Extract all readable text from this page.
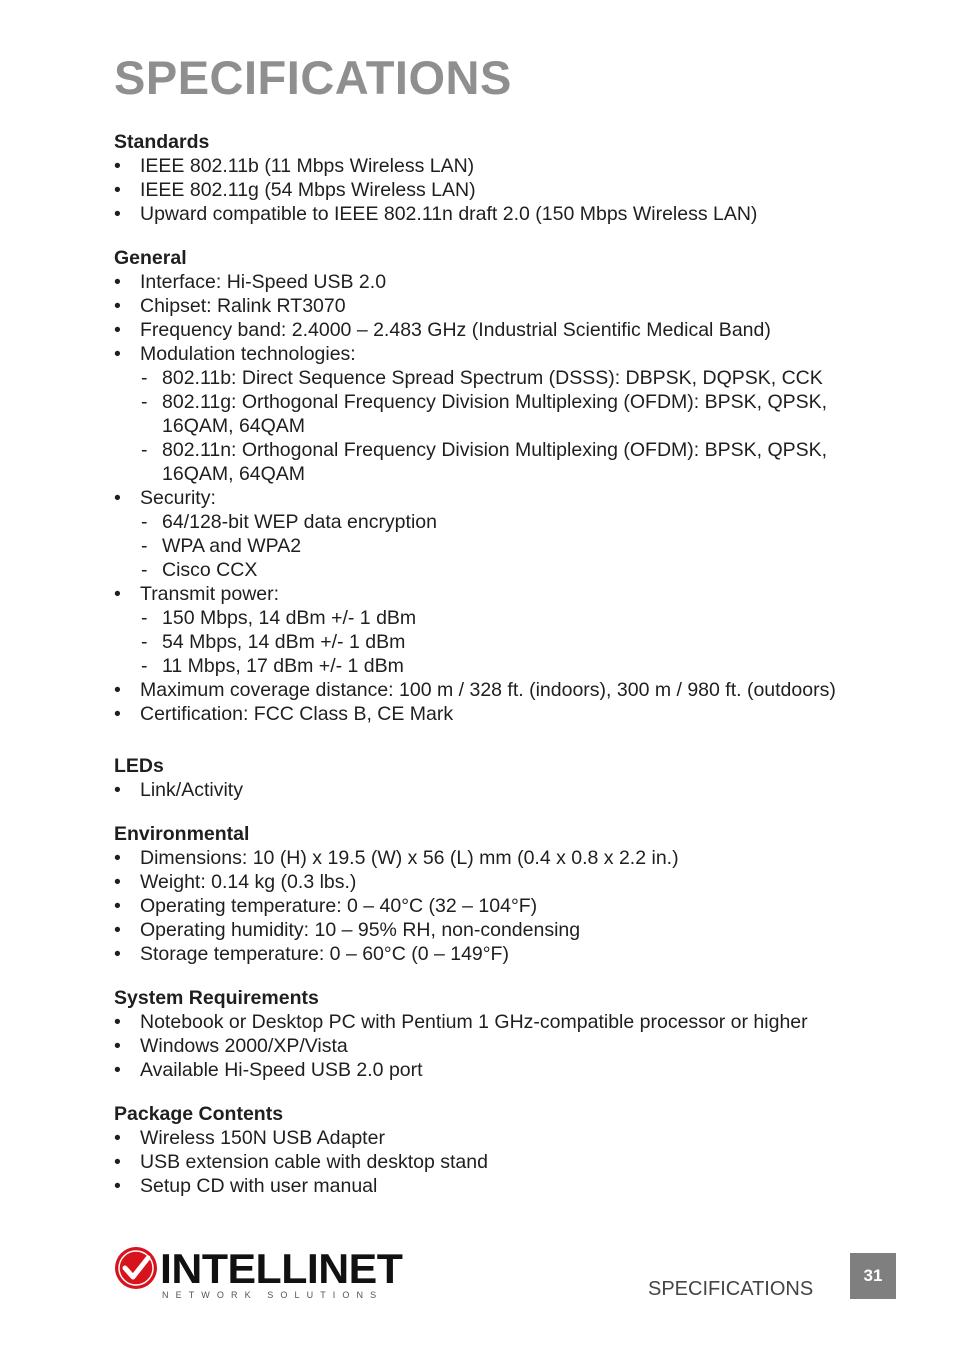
SPECIFICATIONS
Standards
• IEEE 802.11b (11 Mbps Wireless LAN)
• IEEE 802.11g (54 Mbps Wireless LAN)
• Upward compatible to IEEE 802.11n draft 2.0 (150 Mbps Wireless LAN)
General
• Interface: Hi-Speed USB 2.0
• Chipset: Ralink RT3070
• Frequency band: 2.4000 – 2.483 GHz (Industrial Scientific Medical Band)
• Modulation technologies:
- 802.11b: Direct Sequence Spread Spectrum (DSSS): DBPSK, DQPSK, CCK
- 802.11g: Orthogonal Frequency Division Multiplexing (OFDM): BPSK, QPSK, 16QAM, 64QAM
- 802.11n: Orthogonal Frequency Division Multiplexing (OFDM): BPSK, QPSK, 16QAM, 64QAM
• Security:
- 64/128-bit WEP data encryption
- WPA and WPA2
- Cisco CCX
• Transmit power:
- 150 Mbps, 14 dBm +/- 1 dBm
- 54 Mbps, 14 dBm +/- 1 dBm
- 11 Mbps, 17 dBm +/- 1 dBm
• Maximum coverage distance: 100 m / 328 ft. (indoors), 300 m / 980 ft. (outdoors)
• Certification: FCC Class B, CE Mark
LEDs
• Link/Activity
Environmental
• Dimensions: 10 (H) x 19.5 (W) x 56 (L) mm (0.4 x 0.8 x 2.2 in.)
• Weight: 0.14 kg (0.3 lbs.)
• Operating temperature: 0 – 40°C (32 – 104°F)
• Operating humidity: 10 – 95% RH, non-condensing
• Storage temperature: 0 – 60°C (0 – 149°F)
System Requirements
• Notebook or Desktop PC with Pentium 1 GHz-compatible processor or higher
• Windows 2000/XP/Vista
• Available Hi-Speed USB 2.0 port
Package Contents
• Wireless 150N USB Adapter
• USB extension cable with desktop stand
• Setup CD with user manual
INTELLINET
NETWORK SOLUTIONS	SPECIFICATIONS
31
